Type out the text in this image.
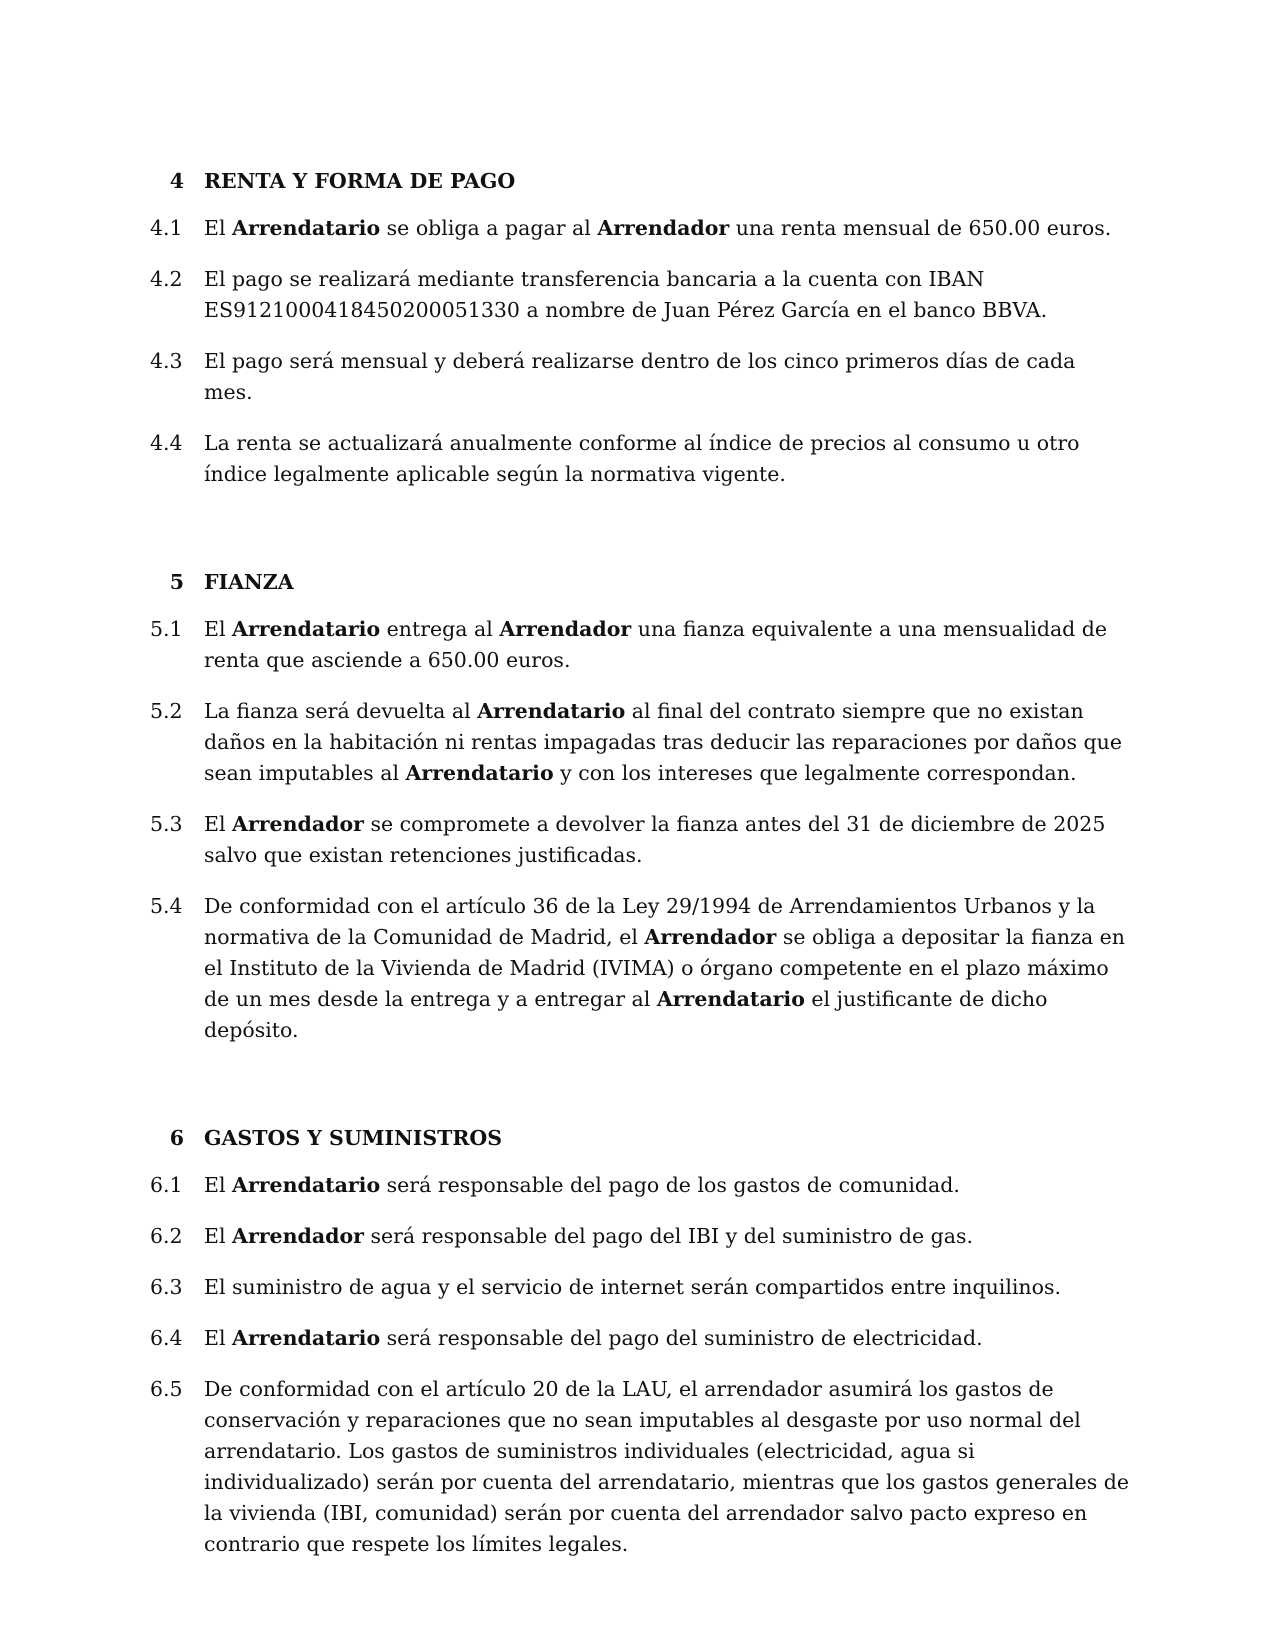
4 RENTA Y FORMA DE PAGO
4.1	El Arrendatario se obliga a pagar al Arrendador una renta mensual de 650.00 euros.
4.2	El pago se realizará mediante transferencia bancaria a la cuenta con IBAN ES9121000418450200051330 a nombre de Juan Pérez García en el banco BBVA.
4.3	El pago será mensual y deberá realizarse dentro de los cinco primeros días de cada mes.
4.4	La renta se actualizará anualmente conforme al índice de precios al consumo u otro índice legalmente aplicable según la normativa vigente.
5 FIANZA
5.1	El Arrendatario entrega al Arrendador una fianza equivalente a una mensualidad de renta que asciende a 650.00 euros.
5.2	La fianza será devuelta al Arrendatario al final del contrato siempre que no existan daños en la habitación ni rentas impagadas tras deducir las reparaciones por daños que sean imputables al Arrendatario y con los intereses que legalmente correspondan.
5.3	El Arrendador se compromete a devolver la fianza antes del 31 de diciembre de 2025 salvo que existan retenciones justificadas.
5.4	De conformidad con el artículo 36 de la Ley 29/1994 de Arrendamientos Urbanos y la normativa de la Comunidad de Madrid, el Arrendador se obliga a depositar la fianza en el Instituto de la Vivienda de Madrid (IVIMA) o órgano competente en el plazo máximo de un mes desde la entrega y a entregar al Arrendatario el justificante de dicho depósito.
6 GASTOS Y SUMINISTROS
6.1	El Arrendatario será responsable del pago de los gastos de comunidad.
6.2	El Arrendador será responsable del pago del IBI y del suministro de gas.
6.3	El suministro de agua y el servicio de internet serán compartidos entre inquilinos.
6.4	El Arrendatario será responsable del pago del suministro de electricidad.
6.5	De conformidad con el artículo 20 de la LAU, el arrendador asumirá los gastos de conservación y reparaciones que no sean imputables al desgaste por uso normal del arrendatario. Los gastos de suministros individuales (electricidad, agua si individualizado) serán por cuenta del arrendatario, mientras que los gastos generales de la vivienda (IBI, comunidad) serán por cuenta del arrendador salvo pacto expreso en contrario que respete los límites legales.
